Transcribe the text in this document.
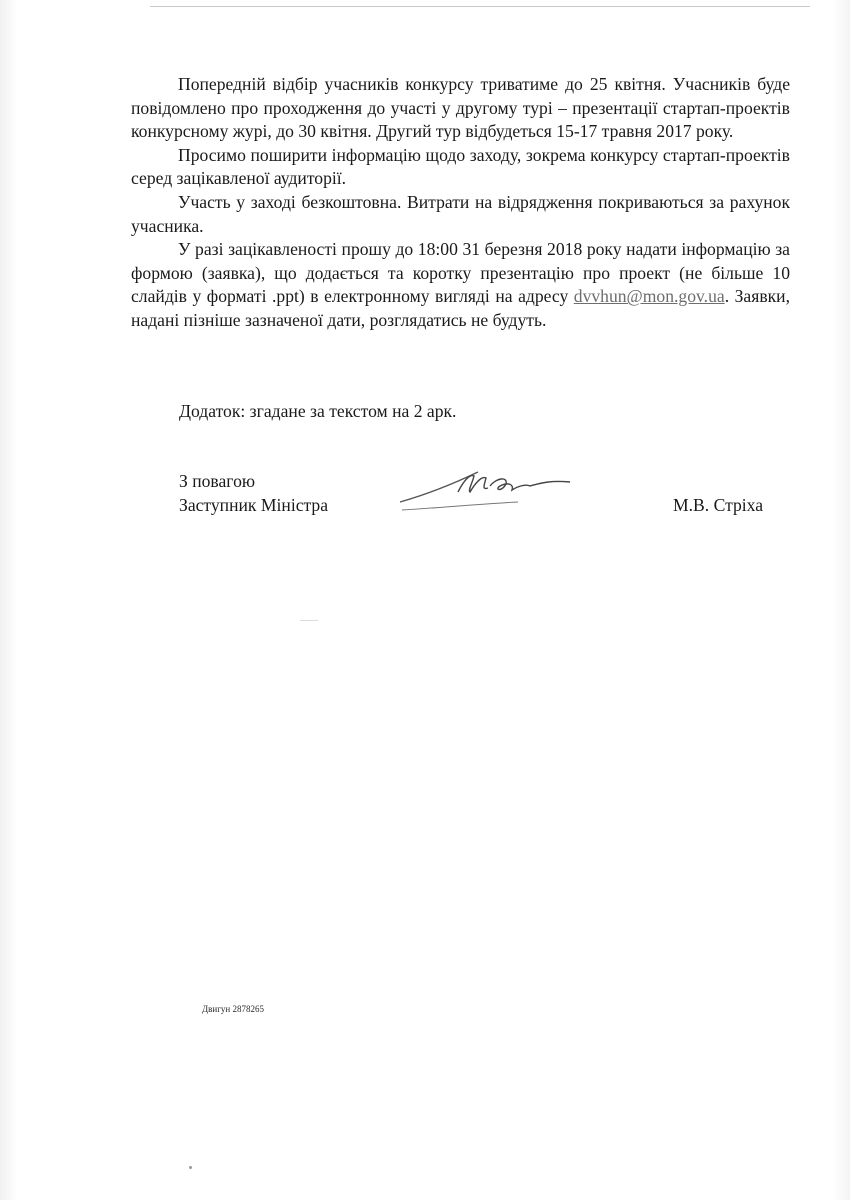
Попередній відбір учасників конкурсу триватиме до 25 квітня. Учасників буде повідомлено про проходження до участі у другому турі – презентації стартап-проектів конкурсному журі, до 30 квітня. Другий тур відбудеться 15-17 травня 2017 року.

Просимо поширити інформацію щодо заходу, зокрема конкурсу стартап-проектів серед зацікавленої аудиторії.

Участь у заході безкоштовна. Витрати на відрядження покриваються за рахунок учасника.

У разі зацікавленості прошу до 18:00 31 березня 2018 року надати інформацію за формою (заявка), що додається та коротку презентацію про проект (не більше 10 слайдів у форматі .ppt) в електронному вигляді на адресу dvvhun@mon.gov.ua. Заявки, надані пізніше зазначеної дати, розглядатись не будуть.

Додаток: згадане за текстом на 2 арк.
З повагою
Заступник Міністра	М.В. Стріха
Двигун 2878265
